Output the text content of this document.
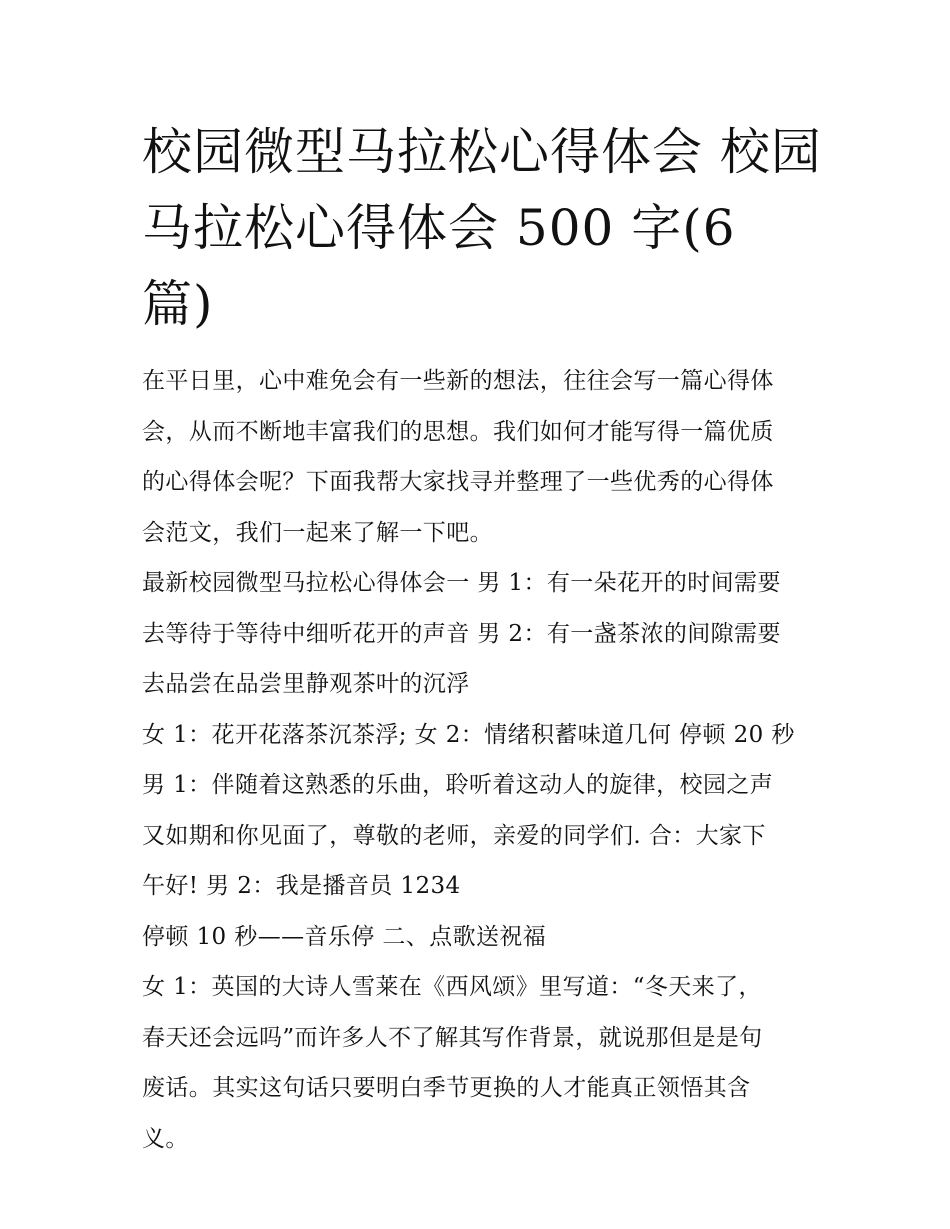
校园微型马拉松心得体会 校园
马拉松心得体会 500 字(6 篇)

在平日里，心中难免会有一些新的想法，往往会写一篇心得体
会，从而不断地丰富我们的思想。我们如何才能写得一篇优质
的心得体会呢？下面我帮大家找寻并整理了一些优秀的心得体
会范文，我们一起来了解一下吧。

最新校园微型马拉松心得体会一 男 1：有一朵花开的时间需要
去等待于等待中细听花开的声音 男 2：有一盏茶浓的间隙需要
去品尝在品尝里静观茶叶的沉浮

女 1：花开花落茶沉茶浮; 女 2：情绪积蓄味道几何 停顿 20 秒
男 1：伴随着这熟悉的乐曲，聆听着这动人的旋律，校园之声
又如期和你见面了，尊敬的老师，亲爱的同学们. 合：大家下
午好! 男 2：我是播音员 1234

停顿 10 秒——音乐停 二、点歌送祝福

女 1：英国的大诗人雪莱在《西风颂》里写道：“冬天来了，
春天还会远吗”而许多人不了解其写作背景，就说那但是是句
废话。其实这句话只要明白季节更换的人才能真正领悟其含
义。
